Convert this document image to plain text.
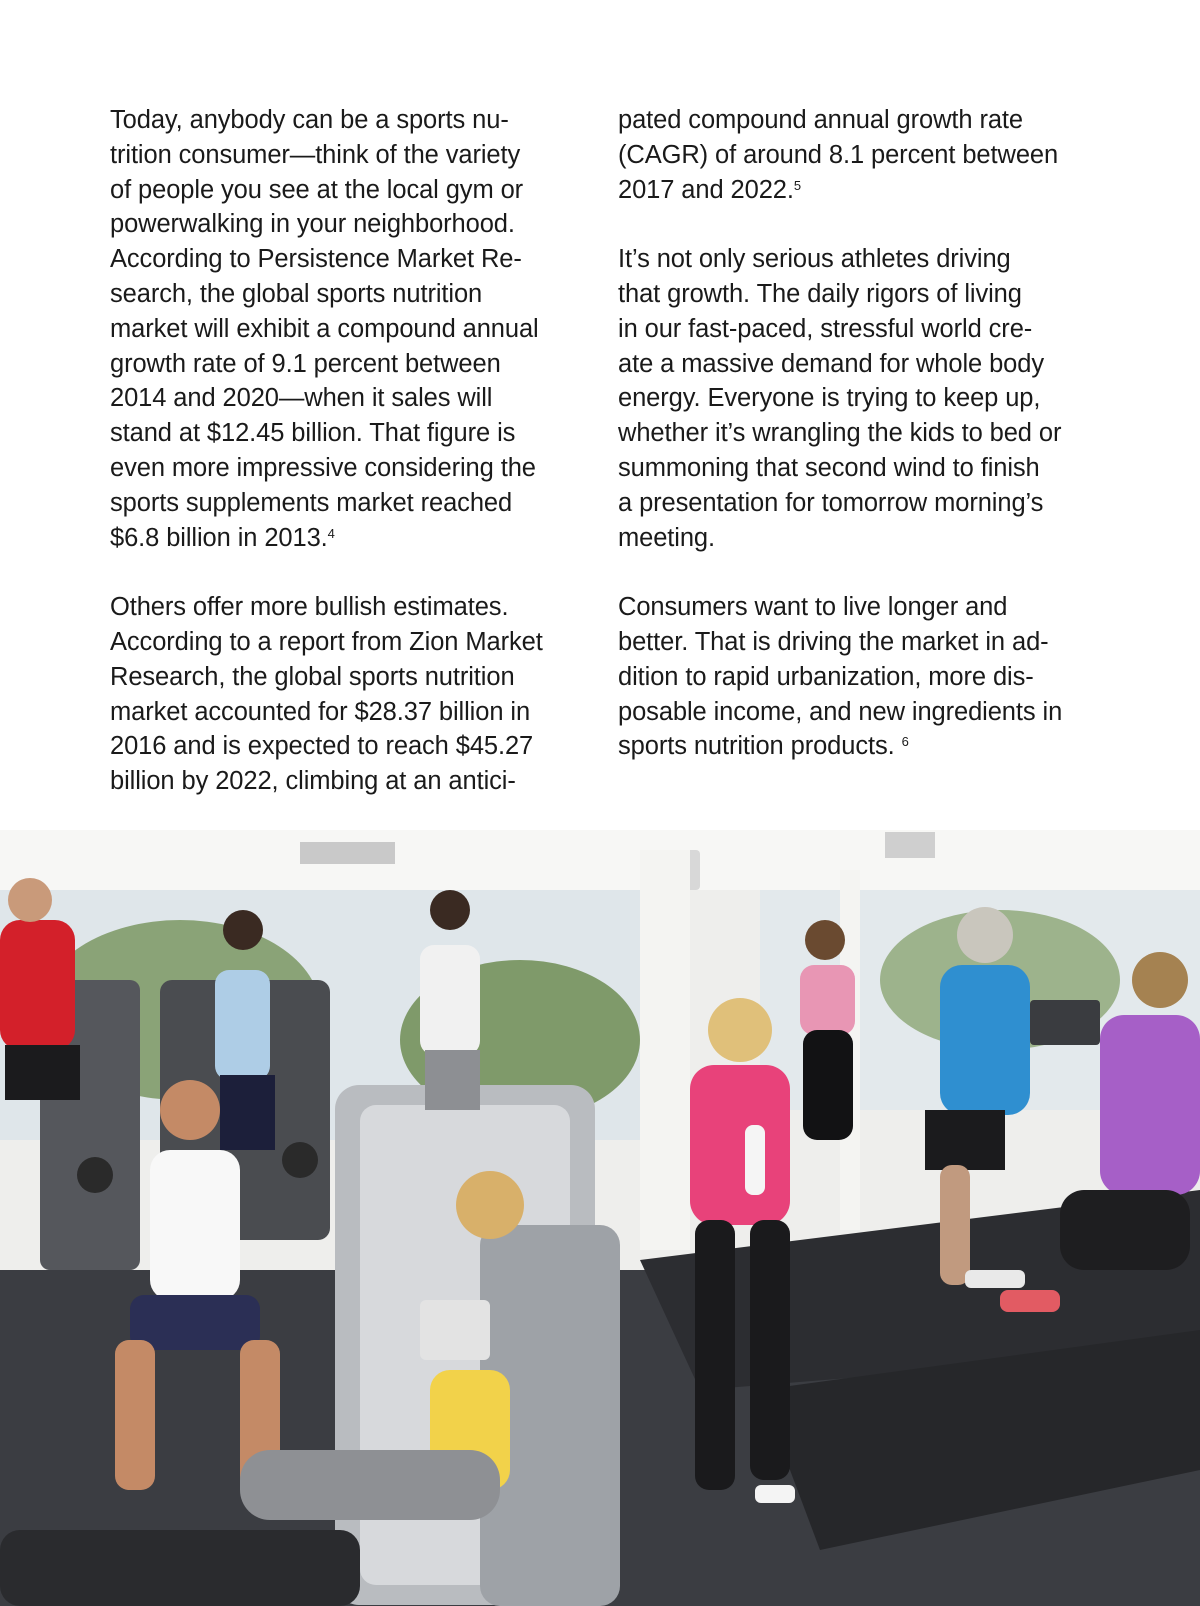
Today, anybody can be a sports nu-
trition consumer—think of the variety
of people you see at the local gym or
powerwalking in your neighborhood.
According to Persistence Market Re-
search, the global sports nutrition
market will exhibit a compound annual
growth rate of 9.1 percent between
2014 and 2020—when it sales will
stand at $12.45 billion. That figure is
even more impressive considering the
sports supplements market reached
$6.8 billion in 2013.$^4$
Others offer more bullish estimates.
According to a report from Zion Market
Research, the global sports nutrition
market accounted for $28.37 billion in
2016 and is expected to reach $45.27
billion by 2022, climbing at an antici-
pated compound annual growth rate
(CAGR) of around 8.1 percent between
2017 and 2022.$^5$
It’s not only serious athletes driving
that growth. The daily rigors of living
in our fast-paced, stressful world cre-
ate a massive demand for whole body
energy. Everyone is trying to keep up,
whether it’s wrangling the kids to bed or
summoning that second wind to finish
a presentation for tomorrow morning’s
meeting.
Consumers want to live longer and
better. That is driving the market in ad-
dition to rapid urbanization, more dis-
posable income, and new ingredients in
sports nutrition products. $^6$
